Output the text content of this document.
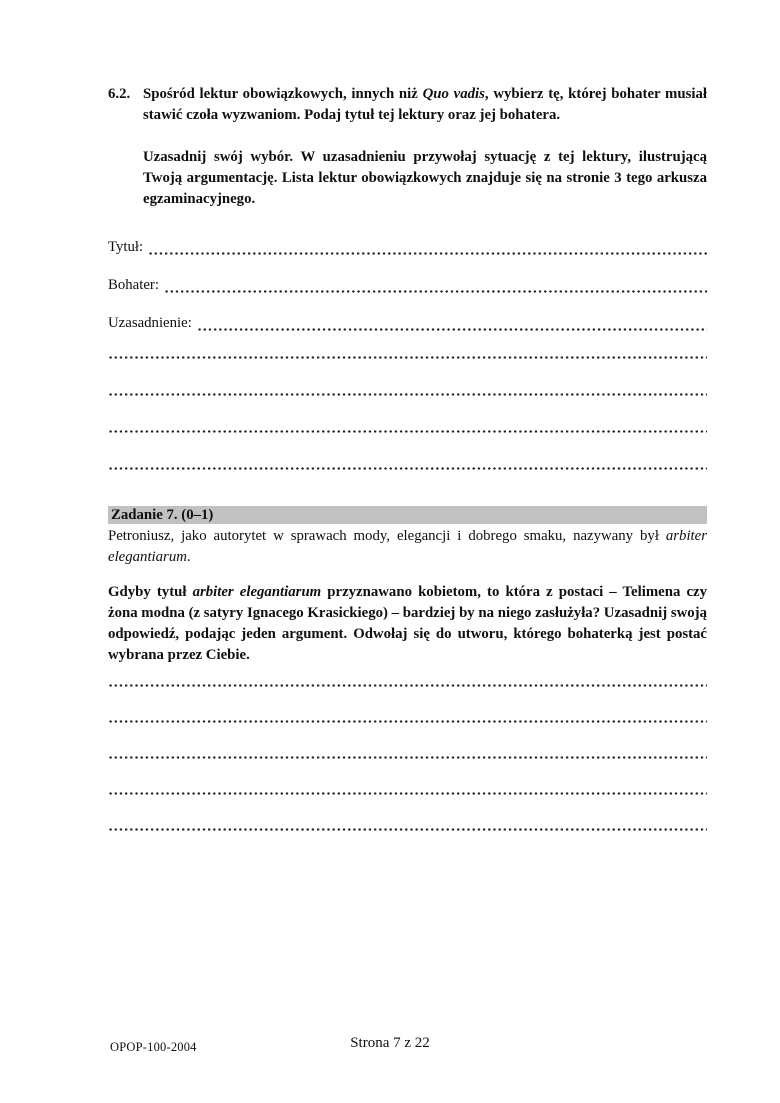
6.2. Spośród lektur obowiązkowych, innych niż Quo vadis, wybierz tę, której bohater musiał stawić czoła wyzwaniom. Podaj tytuł tej lektury oraz jej bohatera.

Uzasadnij swój wybór. W uzasadnieniu przywołaj sytuację z tej lektury, ilustrującą Twoją argumentację. Lista lektur obowiązkowych znajduje się na stronie 3 tego arkusza egzaminacyjnego.

Tytuł:
Bohater:
Uzasadnienie:
Zadanie 7. (0–1)

Petroniusz, jako autorytet w sprawach mody, elegancji i dobrego smaku, nazywany był arbiter elegantiarum.

Gdyby tytuł arbiter elegantiarum przyznawano kobietom, to która z postaci – Telimena czy żona modna (z satyry Ignacego Krasickiego) – bardziej by na niego zasłużyła? Uzasadnij swoją odpowiedź, podając jeden argument. Odwołaj się do utworu, którego bohaterką jest postać wybrana przez Ciebie.

OPOP-100-2004	Strona 7 z 22
